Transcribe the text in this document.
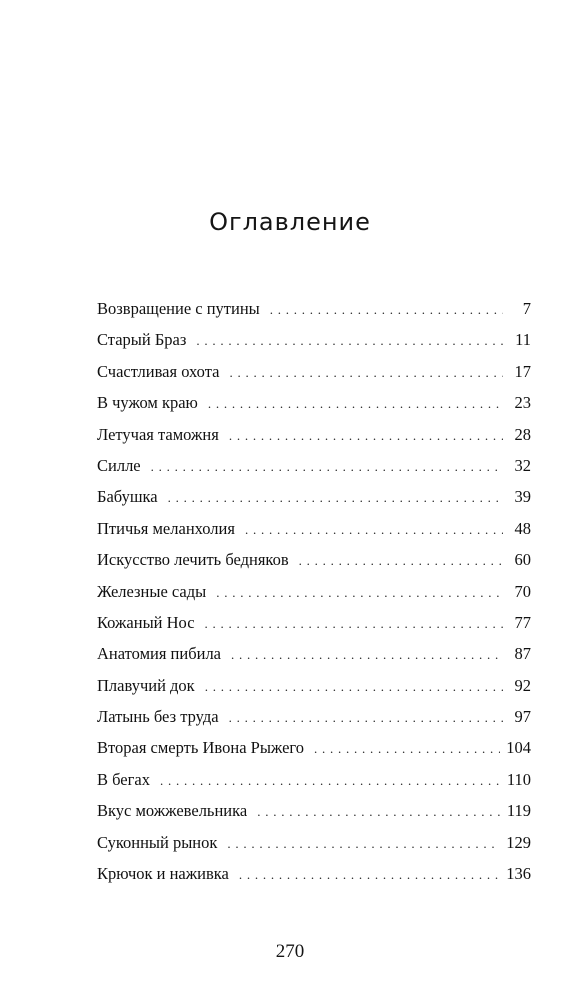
Оглавление
Возвращение с путины . . .	7
Старый Браз . . .	11
Счастливая охота . . .	17
В чужом краю . . .	23
Летучая таможня . . .	28
Силле . . .	32
Бабушка . . .	39
Птичья меланхолия . . .	48
Искусство лечить бедняков . . .	60
Железные сады . . .	70
Кожаный Нос . . .	77
Анатомия пибила . . .	87
Плавучий док . . .	92
Латынь без труда . . .	97
Вторая смерть Ивона Рыжего . . .	104
В бегах . . .	110
Вкус можжевельника . . .	119
Суконный рынок . . .	129
Крючок и наживка . . .	136
270
